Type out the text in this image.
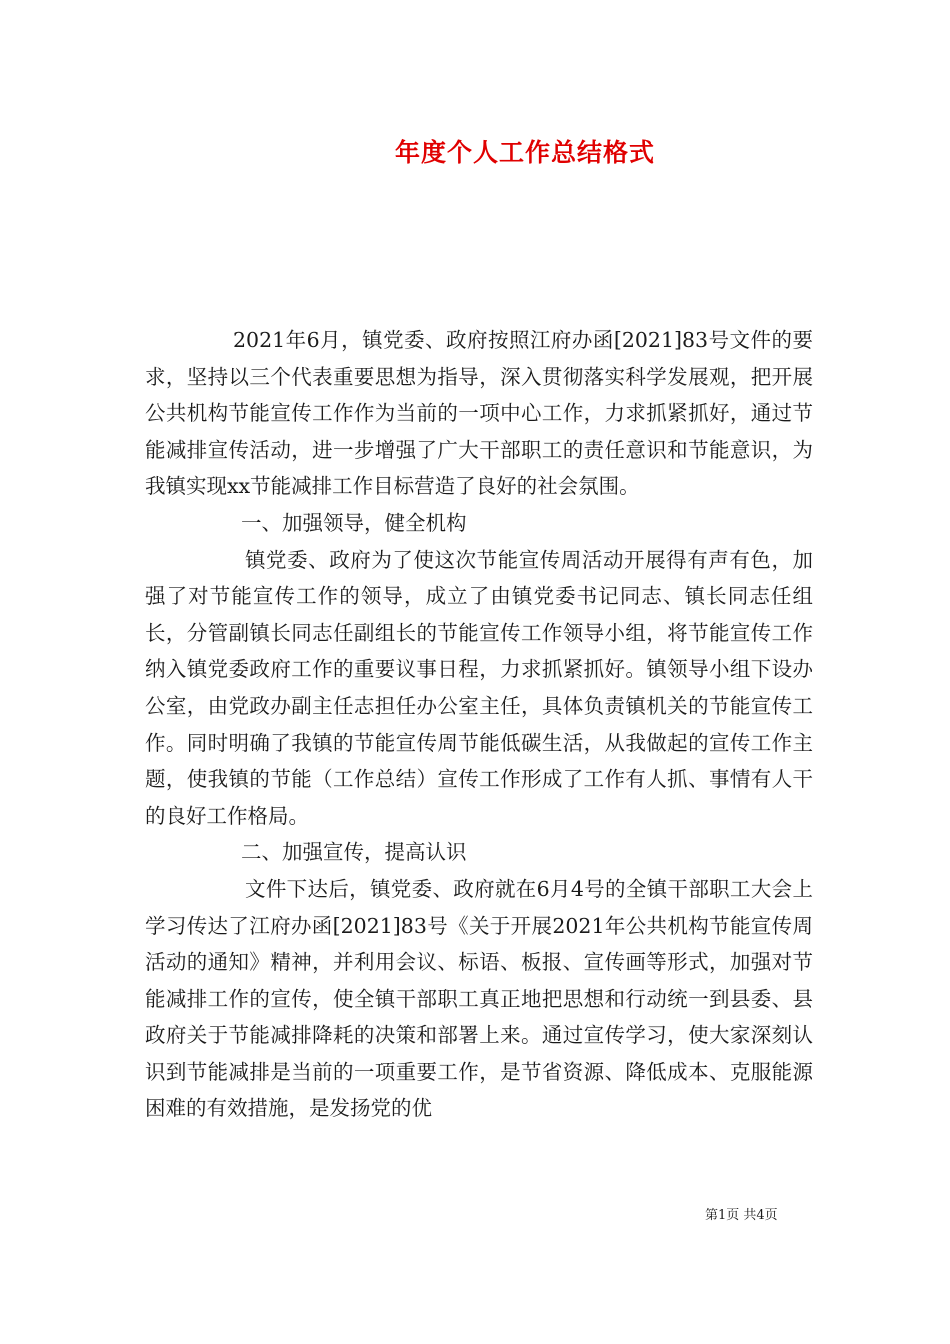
年度个人工作总结格式

2021年6月，镇党委、政府按照江府办函[2021]83号文件的要求，坚持以三个代表重要思想为指导，深入贯彻落实科学发展观，把开展公共机构节能宣传工作作为当前的一项中心工作，力求抓紧抓好，通过节能减排宣传活动，进一步增强了广大干部职工的责任意识和节能意识，为我镇实现xx节能减排工作目标营造了良好的社会氛围。

一、加强领导，健全机构

镇党委、政府为了使这次节能宣传周活动开展得有声有色，加强了对节能宣传工作的领导，成立了由镇党委书记同志、镇长同志任组长，分管副镇长同志任副组长的节能宣传工作领导小组，将节能宣传工作纳入镇党委政府工作的重要议事日程，力求抓紧抓好。镇领导小组下设办公室，由党政办副主任志担任办公室主任，具体负责镇机关的节能宣传工作。同时明确了我镇的节能宣传周节能低碳生活，从我做起的宣传工作主题，使我镇的节能（工作总结）宣传工作形成了工作有人抓、事情有人干的良好工作格局。

二、加强宣传，提高认识

文件下达后，镇党委、政府就在6月4号的全镇干部职工大会上学习传达了江府办函[2021]83号《关于开展2021年公共机构节能宣传周活动的通知》精神，并利用会议、标语、板报、宣传画等形式，加强对节能减排工作的宣传，使全镇干部职工真正地把思想和行动统一到县委、县政府关于节能减排降耗的决策和部署上来。通过宣传学习，使大家深刻认识到节能减排是当前的一项重要工作，是节省资源、降低成本、克服能源困难的有效措施，是发扬党的优

第1页 共4页
